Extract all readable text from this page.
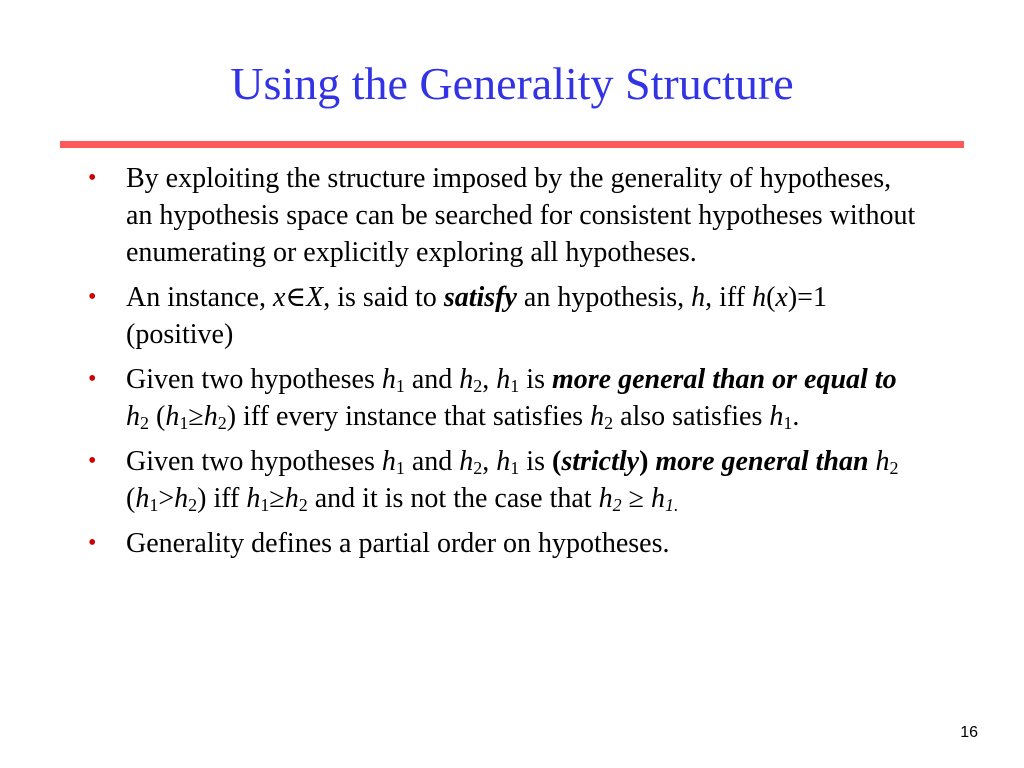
Using the Generality Structure
• By exploiting the structure imposed by the generality of hypotheses, an hypothesis space can be searched for consistent hypotheses without enumerating or explicitly exploring all hypotheses.
• An instance, x∈X, is said to satisfy an hypothesis, h, iff h(x)=1 (positive)
• Given two hypotheses $h_1$ and $h_2$, $h_1$ is more general than or equal to $h_2$ $(h_1\ge h_2)$ iff every instance that satisfies $h_2$ also satisfies $h_1$.
• Given two hypotheses $h_1$ and $h_2$, $h_1$ is (strictly) more general than $h_2$ $(h_1>h_2)$ iff $h_1\ge h_2$ and it is not the case that $h_2 \ge h_{1.}$
• Generality defines a partial order on hypotheses.
16
